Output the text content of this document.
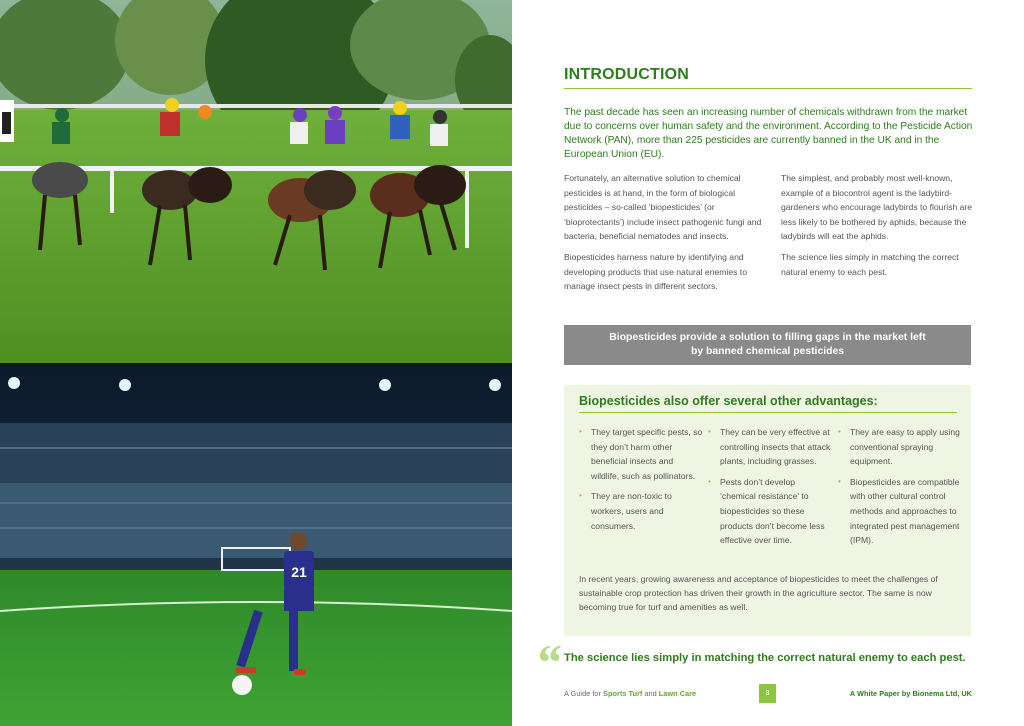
21
INTRODUCTION

The past decade has seen an increasing number of chemicals withdrawn from the market due to concerns over human safety and the environment. According to the Pesticide Action Network (PAN), more than 225 pesticides are currently banned in the UK and in the European Union (EU).

Fortunately, an alternative solution to chemical pesticides is at hand, in the form of biological pesticides – so-called ‘biopesticides’ (or ‘bioprotectants’) include insect pathogenic fungi and bacteria, beneficial nematodes and insects.

Biopesticides harness nature by identifying and developing products that use natural enemies to manage insect pests in different sectors.

The simplest, and probably most well-known, example of a biocontrol agent is the ladybird-gardeners who encourage ladybirds to flourish are less likely to be bothered by aphids, because the ladybirds will eat the aphids.

The science lies simply in matching the correct natural enemy to each pest.

Biopesticides provide a solution to filling gaps in the market left by banned chemical pesticides
Biopesticides also offer several other advantages:
• They target specific pests, so they don’t harm other beneficial insects and wildlife, such as pollinators.
• They are non-toxic to workers, users and consumers.
• They can be very effective at controlling insects that attack plants, including grasses.
• Pests don’t develop ‘chemical resistance’ to biopesticides so these products don’t become less effective over time.
• They are easy to apply using conventional spraying equipment.
• Biopesticides are compatible with other cultural control methods and approaches to integrated pest management (IPM).

In recent years, growing awareness and acceptance of biopesticides to meet the challenges of sustainable crop protection has driven their growth in the agriculture sector. The same is now becoming true for turf and amenities as well.

“ The science lies simply in matching the correct natural enemy to each pest.
A Guide for Sports Turf and Lawn Care	3	A White Paper by Bionema Ltd, UK
